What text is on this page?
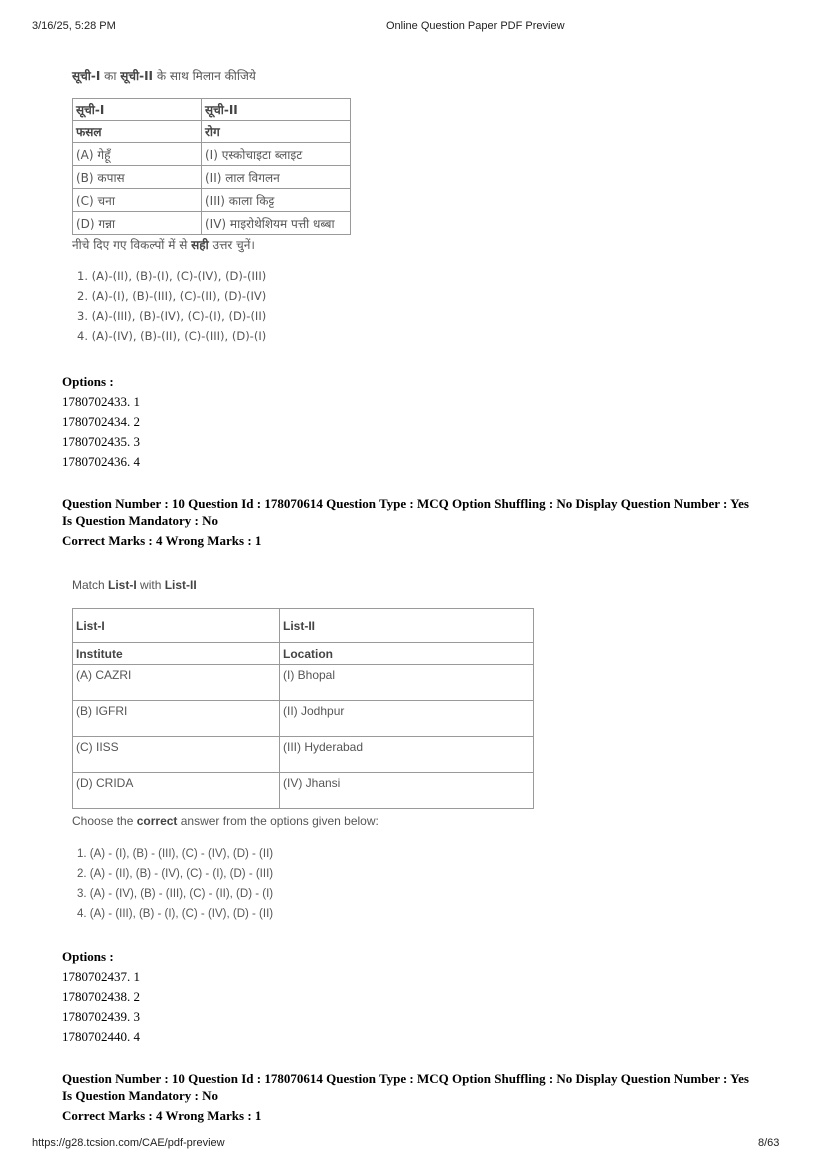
3/16/25, 5:28 PM	Online Question Paper PDF Preview
सूची-I का सूची-II के साथ मिलान कीजिये
सूची-I	सूची-II
फसल	रोग
(A) गेहूँ	(I) एस्कोचाइटा ब्लाइट
(B) कपास	(II) लाल विगलन
(C) चना	(III) काला किट्ट
(D) गन्ना	(IV) माइरोथेशियम पत्ती धब्बा
नीचे दिए गए विकल्पों में से सही उत्तर चुनें।
1. (A)-(II), (B)-(I), (C)-(IV), (D)-(III)
2. (A)-(I), (B)-(III), (C)-(II), (D)-(IV)
3. (A)-(III), (B)-(IV), (C)-(I), (D)-(II)
4. (A)-(IV), (B)-(II), (C)-(III), (D)-(I)
Options :
1780702433. 1
1780702434. 2
1780702435. 3
1780702436. 4
Question Number : 10 Question Id : 178070614 Question Type : MCQ Option Shuffling : No Display Question Number : Yes
Is Question Mandatory : No
Correct Marks : 4 Wrong Marks : 1
Match List-I with List-II
List-I	List-II
Institute	Location
(A) CAZRI	(I) Bhopal
(B) IGFRI	(II) Jodhpur
(C) IISS	(III) Hyderabad
(D) CRIDA	(IV) Jhansi
Choose the correct answer from the options given below:
1. (A) - (I), (B) - (III), (C) - (IV), (D) - (II)
2. (A) - (II), (B) - (IV), (C) - (I), (D) - (III)
3. (A) - (IV), (B) - (III), (C) - (II), (D) - (I)
4. (A) - (III), (B) - (I), (C) - (IV), (D) - (II)
Options :
1780702437. 1
1780702438. 2
1780702439. 3
1780702440. 4
Question Number : 10 Question Id : 178070614 Question Type : MCQ Option Shuffling : No Display Question Number : Yes
Is Question Mandatory : No
Correct Marks : 4 Wrong Marks : 1
https://g28.tcsion.com/CAE/pdf-preview	8/63
